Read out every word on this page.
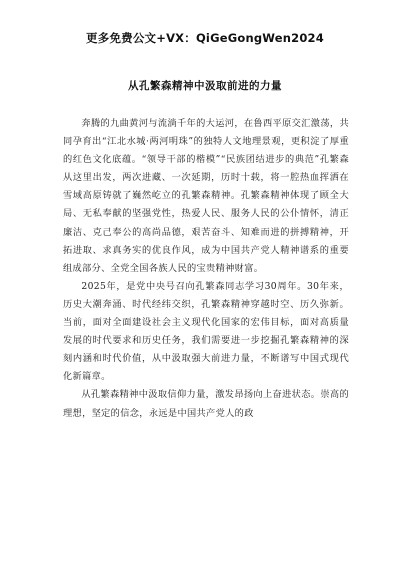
更多免费公文+VX：QiGeGongWen2024
从孔繁森精神中汲取前进的力量

奔腾的九曲黄河与流淌千年的大运河，在鲁西平原交汇激荡，共同孕育出“江北水城·两河明珠”的独特人文地理景观，更积淀了厚重的红色文化底蕴。“领导干部的楷模”“民族团结进步的典范”孔繁森从这里出发，两次进藏、一次延期，历时十载，将一腔热血挥洒在雪域高原铸就了巍然屹立的孔繁森精神。孔繁森精神体现了顾全大局、无私奉献的坚强党性，热爱人民、服务人民的公仆情怀，清正廉洁、克己奉公的高尚品德，艰苦奋斗、知难而进的拼搏精神，开拓进取、求真务实的优良作风，成为中国共产党人精神谱系的重要组成部分、全党全国各族人民的宝贵精神财富。

2025年，是党中央号召向孔繁森同志学习30周年。30年来，历史大潮奔涌、时代经纬交织，孔繁森精神穿越时空、历久弥新。当前，面对全面建设社会主义现代化国家的宏伟目标，面对高质量发展的时代要求和历史任务，我们需要进一步挖掘孔繁森精神的深刻内涵和时代价值，从中汲取强大前进力量，不断谱写中国式现代化新篇章。

从孔繁森精神中汲取信仰力量，激发昂扬向上奋进状态。崇高的理想，坚定的信念，永远是中国共产党人的政
